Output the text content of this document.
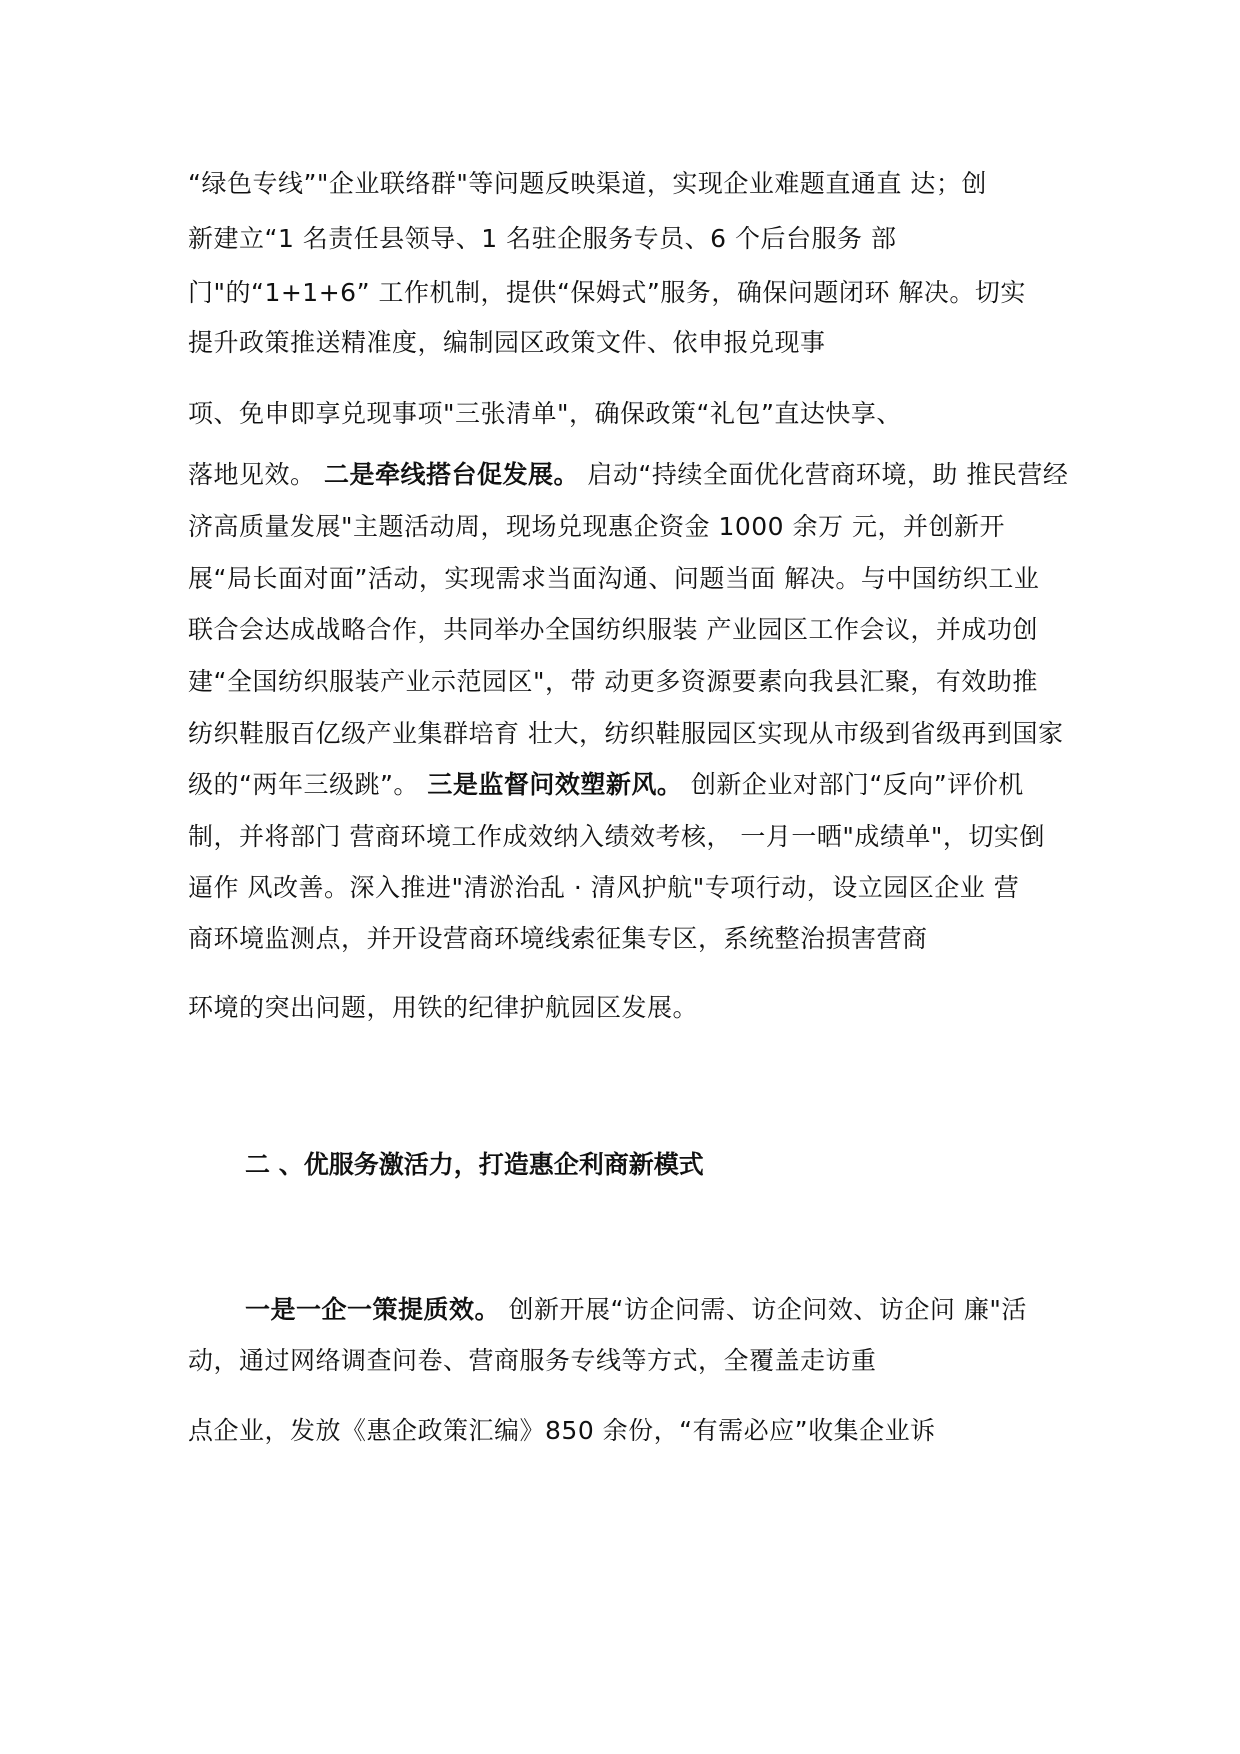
“绿色专线”"企业联络群"等问题反映渠道，实现企业难题直通直 达；创
新建立“1 名责任县领导、1 名驻企服务专员、6 个后台服务 部
门"的“1+1+6” 工作机制，提供“保姆式”服务，确保问题闭环 解决。切实
提升政策推送精准度，编制园区政策文件、依申报兑现事
项、免申即享兑现事项"三张清单"，确保政策“礼包”直达快享、
落地见效。 二是牵线搭台促发展。 启动“持续全面优化营商环境，助 推民营经
济高质量发展"主题活动周，现场兑现惠企资金 1000 余万 元，并创新开
展“局长面对面”活动，实现需求当面沟通、问题当面 解决。与中国纺织工业
联合会达成战略合作，共同举办全国纺织服装 产业园区工作会议，并成功创
建“全国纺织服装产业示范园区"，带 动更多资源要素向我县汇聚，有效助推
纺织鞋服百亿级产业集群培育 壮大，纺织鞋服园区实现从市级到省级再到国家
级的“两年三级跳”。 三是监督问效塑新风。 创新企业对部门“反向”评价机
制，并将部门 营商环境工作成效纳入绩效考核， 一月一晒"成绩单"，切实倒
逼作 风改善。深入推进"清淤治乱 · 清风护航"专项行动，设立园区企业 营
商环境监测点，并开设营商环境线索征集专区，系统整治损害营商
环境的突出问题，用铁的纪律护航园区发展。
二 、优服务激活力，打造惠企利商新模式
一是一企一策提质效。 创新开展“访企问需、访企问效、访企问 廉"活
动，通过网络调查问卷、营商服务专线等方式，全覆盖走访重
点企业，发放《惠企政策汇编》850 余份，“有需必应”收集企业诉
